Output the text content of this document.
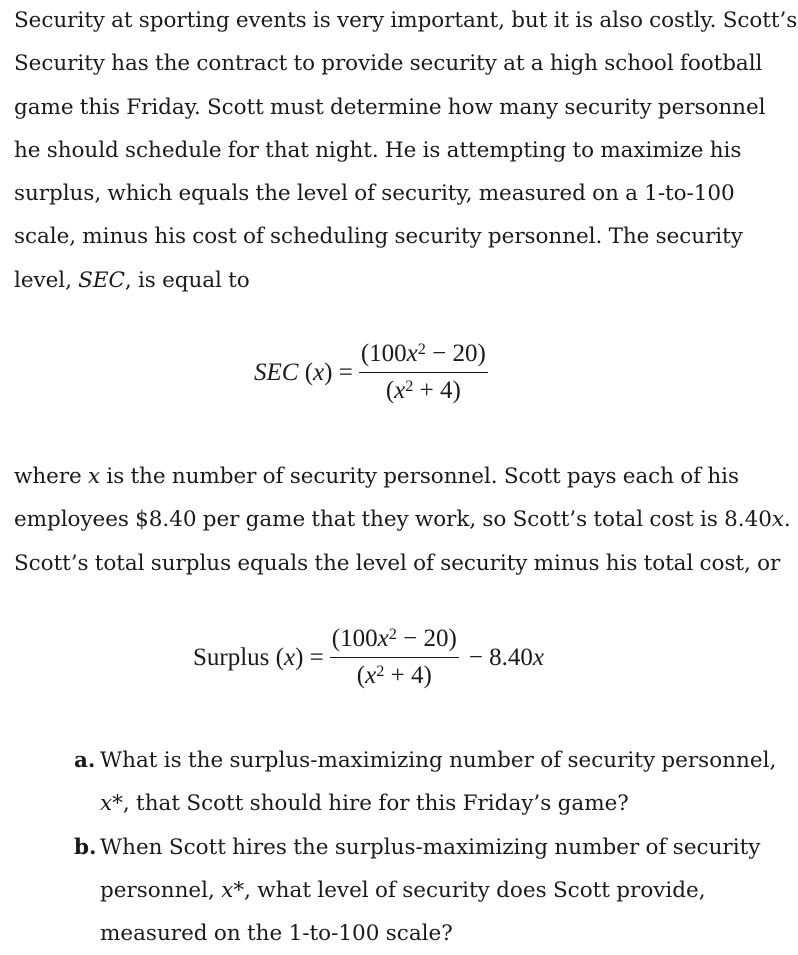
Security at sporting events is very important, but it is also costly. Scott’s Security has the contract to provide security at a high school football game this Friday. Scott must determine how many security personnel he should schedule for that night. He is attempting to maximize his surplus, which equals the level of security, measured on a 1-to-100 scale, minus his cost of scheduling security personnel. The security level, SEC, is equal to

where x is the number of security personnel. Scott pays each of his employees $8.40 per game that they work, so Scott’s total cost is 8.40x. Scott’s total surplus equals the level of security minus his total cost, or

a. What is the surplus-maximizing number of security personnel, x*, that Scott should hire for this Friday’s game?
b. When Scott hires the surplus-maximizing number of security personnel, x*, what level of security does Scott provide, measured on the 1-to-100 scale?
SEC $(x) = \frac{(100x^2 - 20)}{(x^2 + 4)}$
Surplus $(x) = \frac{(100x^2 - 20)}{(x^2 + 4)} - 8.40x$
